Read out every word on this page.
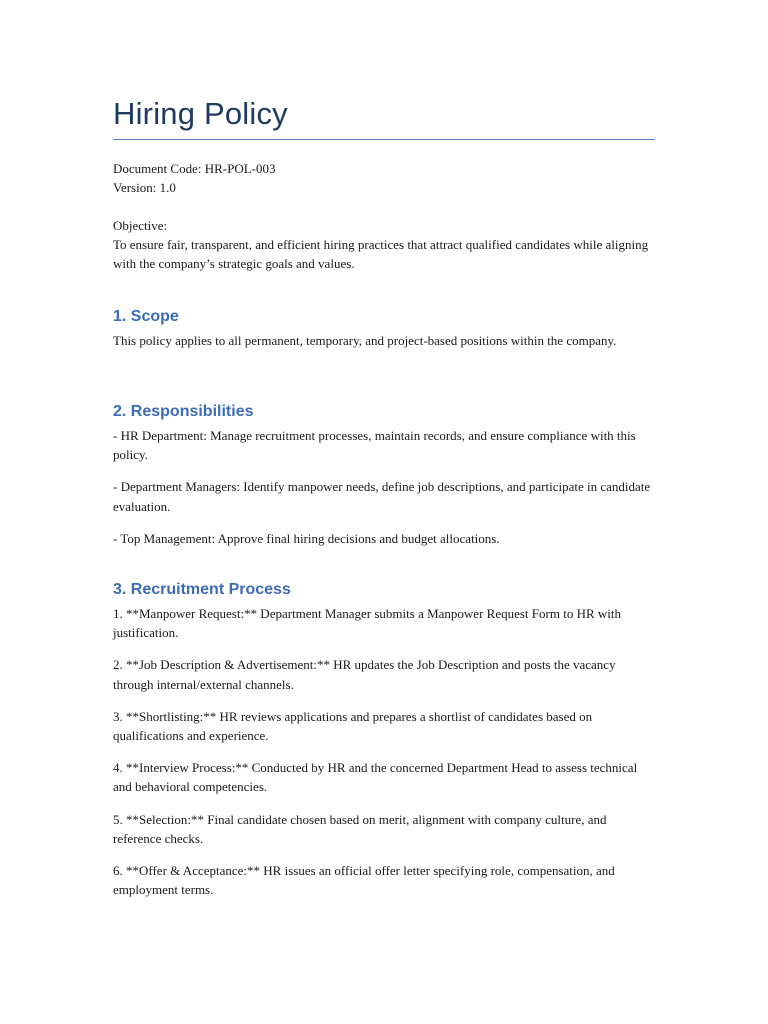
Hiring Policy

Document Code: HR-POL-003

Version: 1.0

Objective:

To ensure fair, transparent, and efficient hiring practices that attract qualified candidates while aligning with the company’s strategic goals and values.

1. Scope

This policy applies to all permanent, temporary, and project-based positions within the company.

2. Responsibilities

- HR Department: Manage recruitment processes, maintain records, and ensure compliance with this policy.

- Department Managers: Identify manpower needs, define job descriptions, and participate in candidate evaluation.

- Top Management: Approve final hiring decisions and budget allocations.

3. Recruitment Process

1. **Manpower Request:** Department Manager submits a Manpower Request Form to HR with justification.

2. **Job Description & Advertisement:** HR updates the Job Description and posts the vacancy through internal/external channels.

3. **Shortlisting:** HR reviews applications and prepares a shortlist of candidates based on qualifications and experience.

4. **Interview Process:** Conducted by HR and the concerned Department Head to assess technical and behavioral competencies.

5. **Selection:** Final candidate chosen based on merit, alignment with company culture, and reference checks.

6. **Offer & Acceptance:** HR issues an official offer letter specifying role, compensation, and employment terms.
